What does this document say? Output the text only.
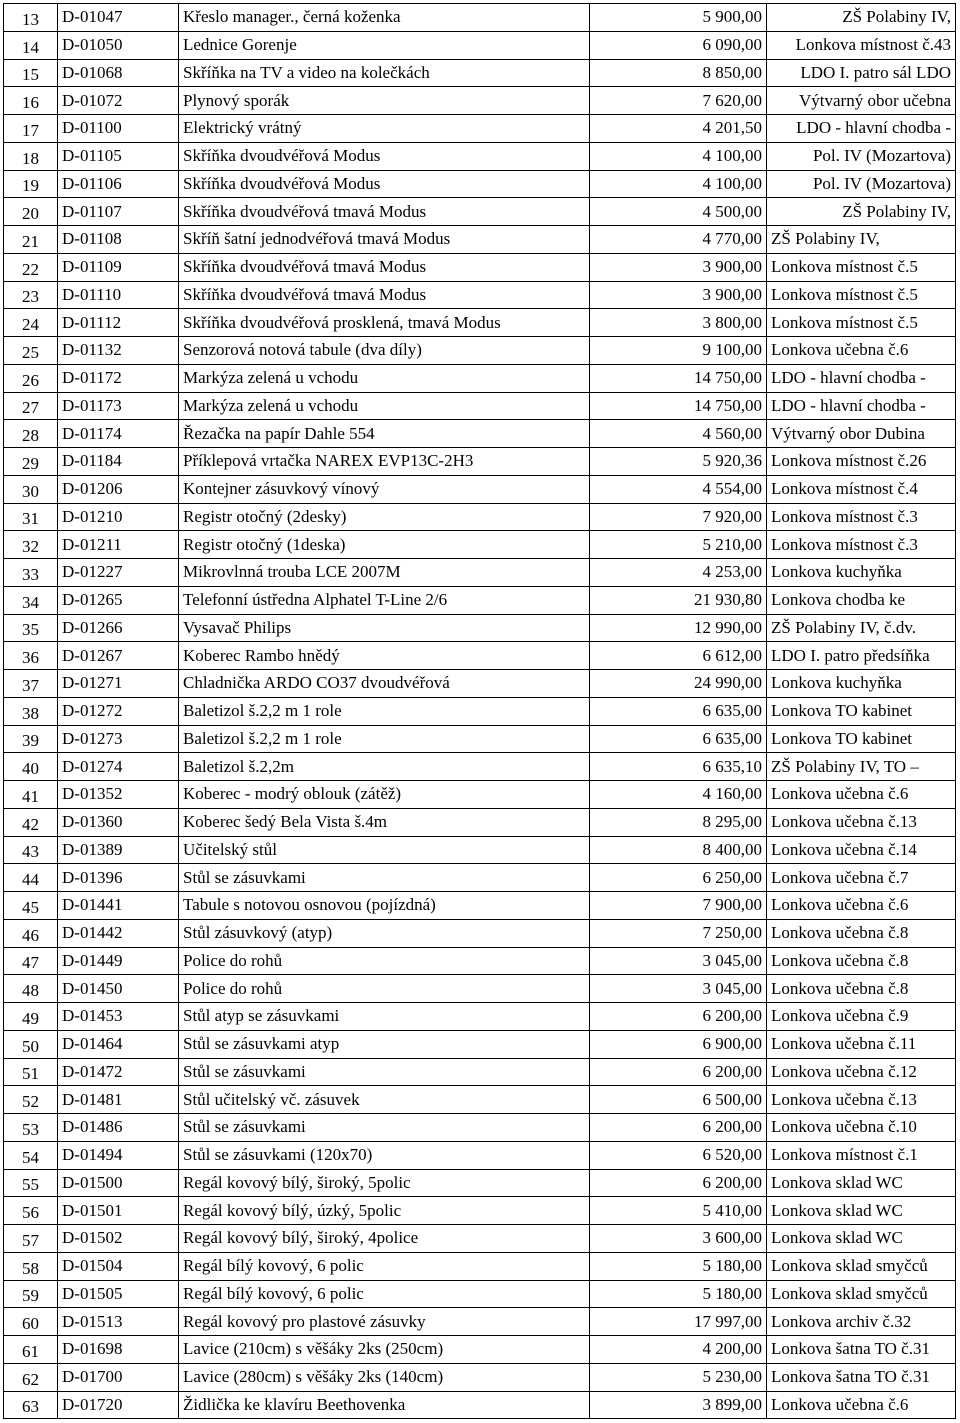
13	D-01047	Křeslo manager., černá koženka	5 900,00	ZŠ Polabiny IV,
14	D-01050	Lednice Gorenje	6 090,00	Lonkova místnost č.43
15	D-01068	Skříňka na TV a video na kolečkách	8 850,00	LDO I. patro sál LDO
16	D-01072	Plynový sporák	7 620,00	Výtvarný obor učebna
17	D-01100	Elektrický vrátný	4 201,50	LDO - hlavní chodba -
18	D-01105	Skříňka dvoudvéřová Modus	4 100,00	Pol. IV (Mozartova)
19	D-01106	Skříňka dvoudvéřová Modus	4 100,00	Pol. IV (Mozartova)
20	D-01107	Skříňka dvoudvéřová tmavá Modus	4 500,00	ZŠ Polabiny IV,
21	D-01108	Skříň šatní jednodvéřová tmavá Modus	4 770,00	ZŠ Polabiny IV,
22	D-01109	Skříňka dvoudvéřová tmavá Modus	3 900,00	Lonkova místnost č.5
23	D-01110	Skříňka dvoudvéřová tmavá Modus	3 900,00	Lonkova místnost č.5
24	D-01112	Skříňka dvoudvéřová prosklená, tmavá Modus	3 800,00	Lonkova místnost č.5
25	D-01132	Senzorová notová tabule (dva díly)	9 100,00	Lonkova učebna č.6
26	D-01172	Markýza zelená u vchodu	14 750,00	LDO - hlavní chodba -
27	D-01173	Markýza zelená u vchodu	14 750,00	LDO - hlavní chodba -
28	D-01174	Řezačka na papír Dahle 554	4 560,00	Výtvarný obor Dubina
29	D-01184	Příklepová vrtačka NAREX EVP13C-2H3	5 920,36	Lonkova místnost č.26
30	D-01206	Kontejner zásuvkový vínový	4 554,00	Lonkova místnost č.4
31	D-01210	Registr otočný (2desky)	7 920,00	Lonkova místnost č.3
32	D-01211	Registr otočný (1deska)	5 210,00	Lonkova místnost č.3
33	D-01227	Mikrovlnná trouba LCE 2007M	4 253,00	Lonkova kuchyňka
34	D-01265	Telefonní ústředna Alphatel T-Line 2/6	21 930,80	Lonkova chodba ke
35	D-01266	Vysavač Philips	12 990,00	ZŠ Polabiny IV, č.dv.
36	D-01267	Koberec Rambo hnědý	6 612,00	LDO I. patro předsíňka
37	D-01271	Chladnička ARDO CO37 dvoudvéřová	24 990,00	Lonkova kuchyňka
38	D-01272	Baletizol š.2,2 m 1 role	6 635,00	Lonkova TO kabinet
39	D-01273	Baletizol š.2,2 m 1 role	6 635,00	Lonkova TO kabinet
40	D-01274	Baletizol š.2,2m	6 635,10	ZŠ Polabiny IV, TO –
41	D-01352	Koberec - modrý oblouk (zátěž)	4 160,00	Lonkova učebna č.6
42	D-01360	Koberec šedý Bela Vista š.4m	8 295,00	Lonkova učebna č.13
43	D-01389	Učitelský stůl	8 400,00	Lonkova učebna č.14
44	D-01396	Stůl se zásuvkami	6 250,00	Lonkova učebna č.7
45	D-01441	Tabule s notovou osnovou (pojízdná)	7 900,00	Lonkova učebna č.6
46	D-01442	Stůl zásuvkový (atyp)	7 250,00	Lonkova učebna č.8
47	D-01449	Police do rohů	3 045,00	Lonkova učebna č.8
48	D-01450	Police do rohů	3 045,00	Lonkova učebna č.8
49	D-01453	Stůl atyp se zásuvkami	6 200,00	Lonkova učebna č.9
50	D-01464	Stůl se zásuvkami atyp	6 900,00	Lonkova učebna č.11
51	D-01472	Stůl se zásuvkami	6 200,00	Lonkova učebna č.12
52	D-01481	Stůl učitelský vč. zásuvek	6 500,00	Lonkova učebna č.13
53	D-01486	Stůl se zásuvkami	6 200,00	Lonkova učebna č.10
54	D-01494	Stůl se zásuvkami (120x70)	6 520,00	Lonkova místnost č.1
55	D-01500	Regál kovový bílý, široký, 5polic	6 200,00	Lonkova sklad WC
56	D-01501	Regál kovový bílý, úzký, 5polic	5 410,00	Lonkova sklad WC
57	D-01502	Regál kovový bílý, široký, 4police	3 600,00	Lonkova sklad WC
58	D-01504	Regál bílý kovový, 6 polic	5 180,00	Lonkova sklad smyčců
59	D-01505	Regál bílý kovový, 6 polic	5 180,00	Lonkova sklad smyčců
60	D-01513	Regál kovový pro plastové zásuvky	17 997,00	Lonkova archiv č.32
61	D-01698	Lavice (210cm) s věšáky 2ks (250cm)	4 200,00	Lonkova šatna TO č.31
62	D-01700	Lavice (280cm) s věšáky 2ks (140cm)	5 230,00	Lonkova šatna TO č.31
63	D-01720	Židlička ke klavíru Beethovenka	3 899,00	Lonkova učebna č.6
